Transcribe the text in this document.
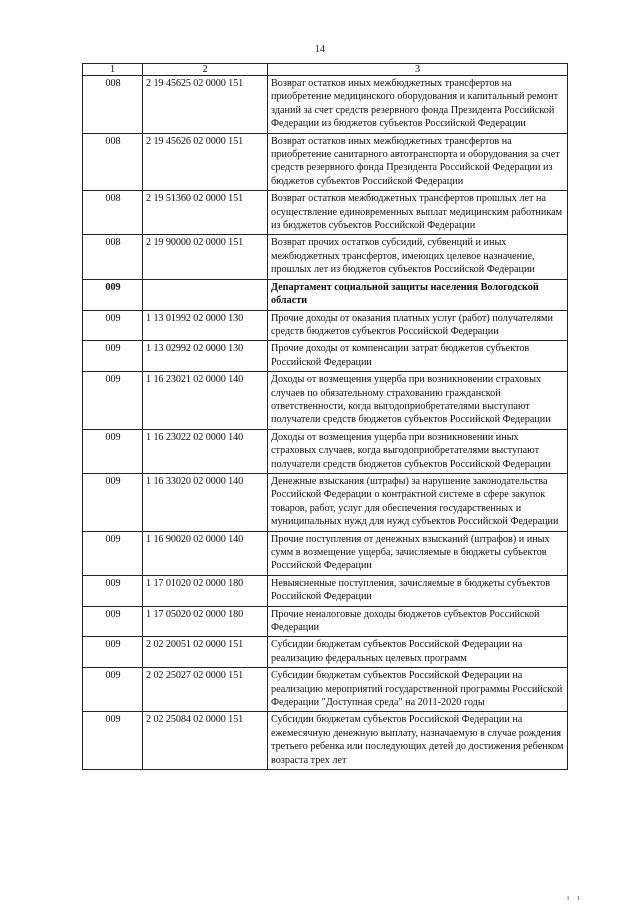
14
1	2	3
008	2 19 45625 02 0000 151	Возврат остатков иных межбюджетных трансфертов на приобретение медицинского оборудования и капитальный ремонт зданий за счет средств резервного фонда Президента Российской Федерации из бюджетов субъектов Российской Федерации
008	2 19 45626 02 0000 151	Возврат остатков иных межбюджетных трансфертов на приобретение санитарного автотранспорта и оборудования за счет средств резервного фонда Президента Российской Федерации из бюджетов субъектов Российской Федерации
008	2 19 51360 02 0000 151	Возврат остатков межбюджетных трансфертов прошлых лет на осуществление единовременных выплат медицинским работникам из бюджетов субъектов Российской Федерации
008	2 19 90000 02 0000 151	Возврат прочих остатков субсидий, субвенций и иных межбюджетных трансфертов, имеющих целевое назначение, прошлых лет из бюджетов субъектов Российской Федерации
009		Департамент социальной защиты населения Вологодской области
009	1 13 01992 02 0000 130	Прочие доходы от оказания платных услуг (работ) получателями средств бюджетов субъектов Российской Федерации
009	1 13 02992 02 0000 130	Прочие доходы от компенсации затрат бюджетов субъектов Российской Федерации
009	1 16 23021 02 0000 140	Доходы от возмещения ущерба при возникновении страховых случаев по обязательному страхованию гражданской ответственности, когда выгодоприобретателями выступают получатели средств бюджетов субъектов Российской Федерации
009	1 16 23022 02 0000 140	Доходы от возмещения ущерба при возникновении иных страховых случаев, когда выгодоприобретателями выступают получатели средств бюджетов субъектов Российской Федерации
009	1 16 33020 02 0000 140	Денежные взыскания (штрафы) за нарушение законодательства Российской Федерации о контрактной системе в сфере закупок товаров, работ, услуг для обеспечения государственных и муниципальных нужд для нужд субъектов Российской Федерации
009	1 16 90020 02 0000 140	Прочие поступления от денежных взысканий (штрафов) и иных сумм в возмещение ущерба, зачисляемые в бюджеты субъектов Российской Федерации
009	1 17 01020 02 0000 180	Невыясненные поступления, зачисляемые в бюджеты субъектов Российской Федерации
009	1 17 05020 02 0000 180	Прочие неналоговые доходы бюджетов субъектов Российской Федерации
009	2 02 20051 02 0000 151	Субсидии бюджетам субъектов Российской Федерации на реализацию федеральных целевых программ
009	2 02 25027 02 0000 151	Субсидии бюджетам субъектов Российской Федерации на реализацию мероприятий государственной программы Российской Федерации "Доступная среда" на 2011-2020 годы
009	2 02 25084 02 0000 151	Субсидии бюджетам субъектов Российской Федерации на ежемесячную денежную выплату, назначаемую в случае рождения третьего ребенка или последующих детей до достижения ребенком возраста трех лет
ı ı
